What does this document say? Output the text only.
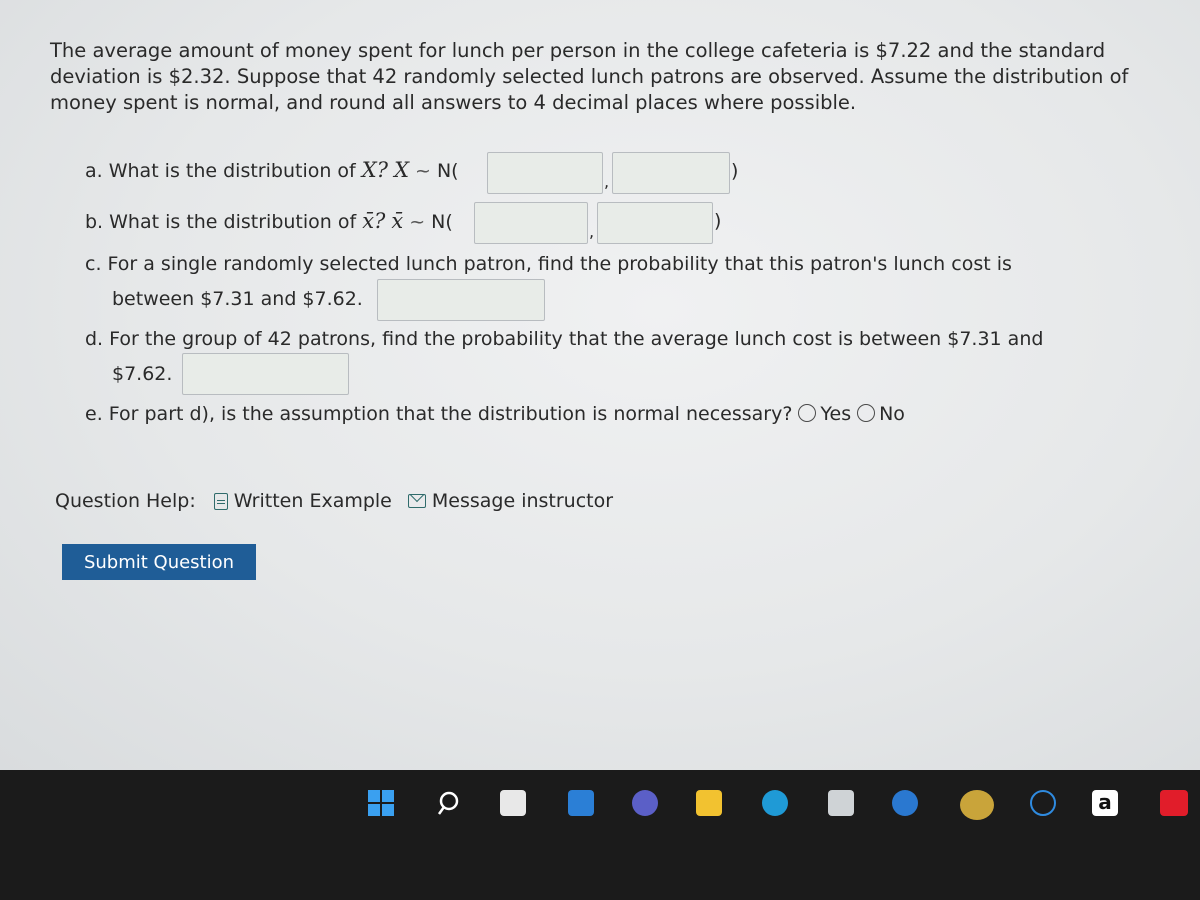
The average amount of money spent for lunch per person in the college cafeteria is $7.22 and the standard deviation is $2.32. Suppose that 42 randomly selected lunch patrons are observed. Assume the distribution of money spent is normal, and round all answers to 4 decimal places where possible.
a. What is the distribution of X? X ~ N(	,	)
b. What is the distribution of x̄? x̄ ~ N(	,	)
c. For a single randomly selected lunch patron, find the probability that this patron's lunch cost is
between $7.31 and $7.62.
d. For the group of 42 patrons, find the probability that the average lunch cost is between $7.31 and
$7.62.
e. For part d), is the assumption that the distribution is normal necessary? Yes No
Question Help: Written Example Message instructor
Submit Question
a
